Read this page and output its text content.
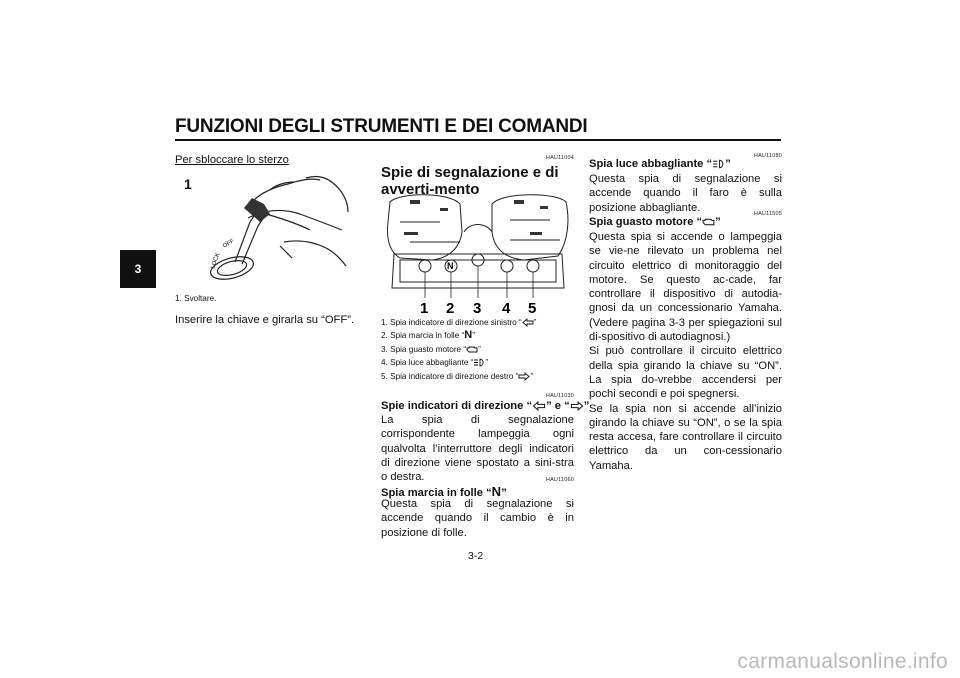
FUNZIONI DEGLI STRUMENTI E DEI COMANDI
3
Per sbloccare lo sterzo
1
OFF
LOCK
1. Svoltare.
Inserire la chiave e girarla su “OFF”.
HAU11004
Spie di segnalazione e di avverti-mento
N
1 2 3 4 5
1. Spia indicatore di direzione sinistro “ ”
2. Spia marcia in folle “N”
3. Spia guasto motore “ ”
4. Spia luce abbagliante “ ”
5. Spia indicatore di direzione destro “ ”
HAU11030
Spie indicatori di direzione “ ” e “ ”
La spia di segnalazione corrispondente lampeggia ogni qualvolta l’interruttore degli indicatori di direzione viene spostato a sini-stra o destra.	HAU11060
Spia marcia in folle “N”
Questa spia di segnalazione si accende quando il cambio è in posizione di folle.
HAU11080
Spia luce abbagliante “ ”
Questa spia di segnalazione si accende quando il faro è sulla posizione abbagliante.
HAU11505
Spia guasto motore “ ”

Questa spia si accende o lampeggia se vie-ne rilevato un problema nel circuito elettrico di monitoraggio del motore. Se questo ac-cade, far controllare il dispositivo di autodia-gnosi da un concessionario Yamaha. (Vedere pagina 3-3 per spiegazioni sul di-spositivo di autodiagnosi.)

Si può controllare il circuito elettrico della spia girando la chiave su “ON”. La spia do-vrebbe accendersi per pochi secondi e poi spegnersi.

Se la spia non si accende all’inizio girando la chiave su “ON”, o se la spia resta accesa, fare controllare il circuito elettrico da un con-cessionario Yamaha.

3-2
carmanualsonline.info
